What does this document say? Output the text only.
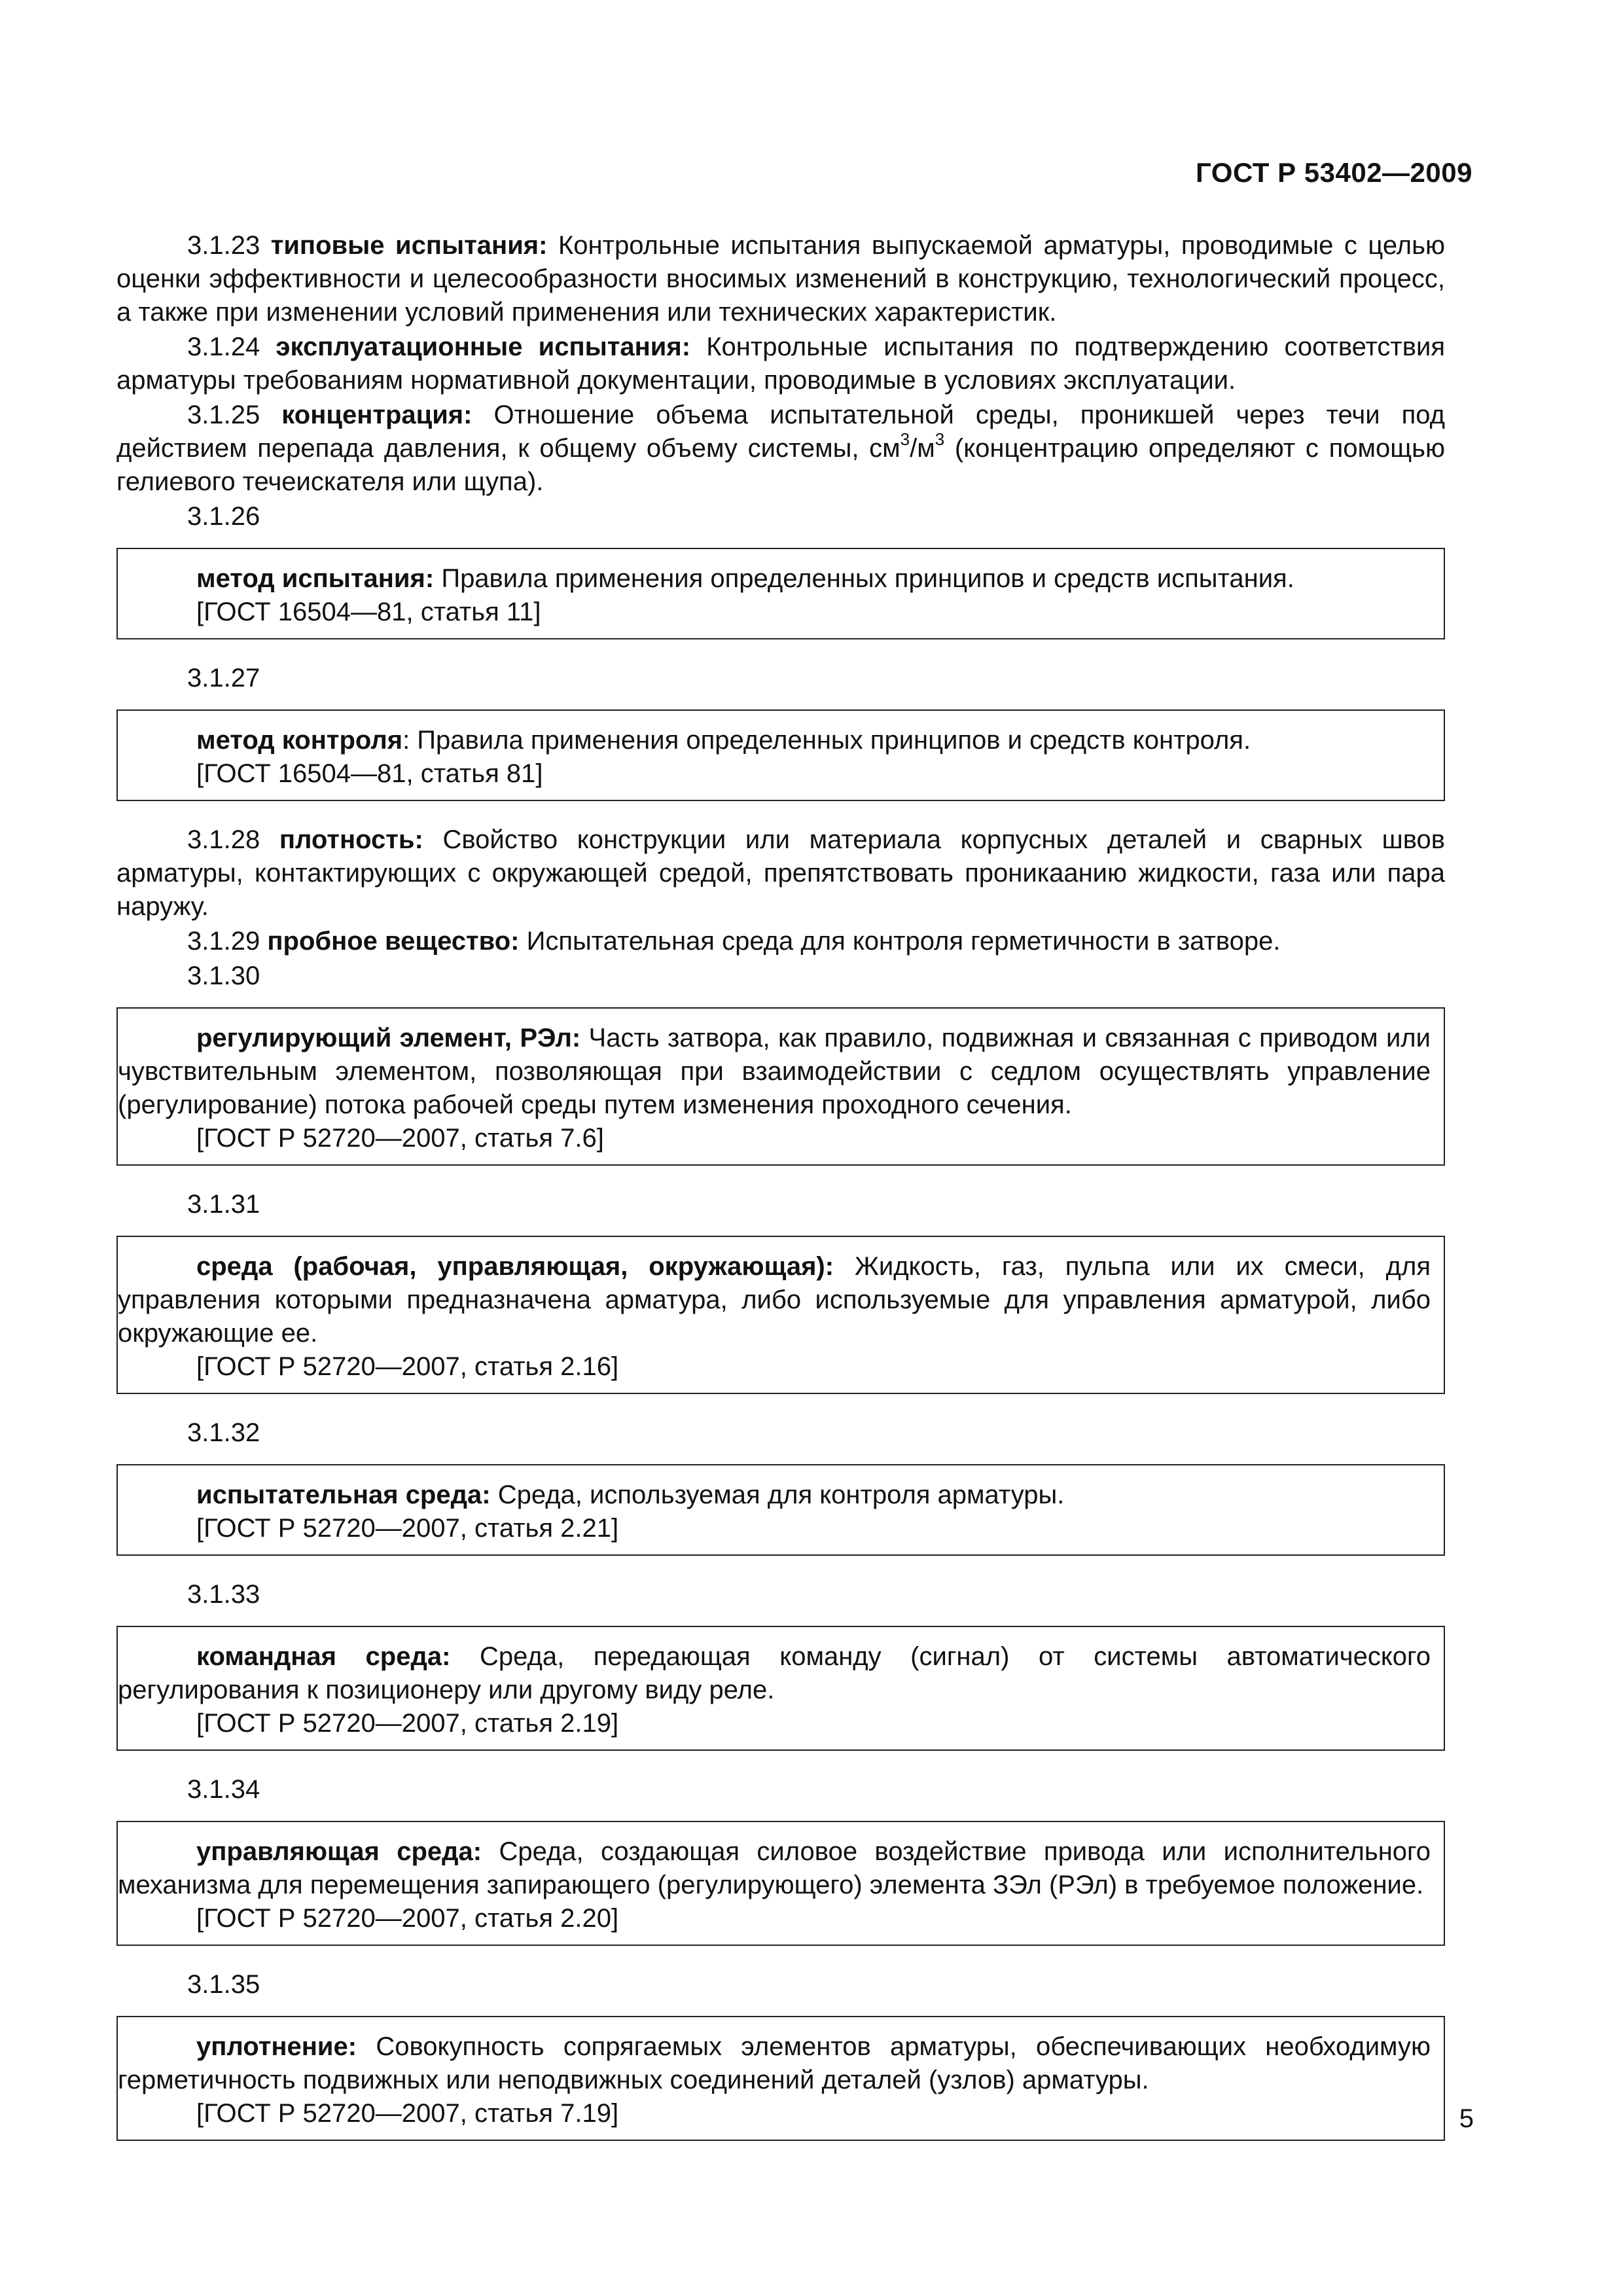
ГОСТ Р 53402—2009

3.1.23 типовые испытания: Контрольные испытания выпускаемой арматуры, проводимые с целью оценки эффективности и целесообразности вносимых изменений в конструкцию, технологический процесс, а также при изменении условий применения или технических характеристик.

3.1.24 эксплуатационные испытания: Контрольные испытания по подтверждению соответствия арматуры требованиям нормативной документации, проводимые в условиях эксплуатации.

3.1.25 концентрация: Отношение объема испытательной среды, проникшей через течи под действием перепада давления, к общему объему системы, $см^3/м^3$ (концентрацию определяют с помощью гелиевого течеискателя или щупа).

3.1.26

метод испытания: Правила применения определенных принципов и средств испытания.

[ГОСТ 16504—81, статья 11]

3.1.27

метод контроля: Правила применения определенных принципов и средств контроля.

[ГОСТ 16504—81, статья 81]

3.1.28 плотность: Свойство конструкции или материала корпусных деталей и сварных швов арматуры, контактирующих с окружающей средой, препятствовать проникаанию жидкости, газа или пара наружу.

3.1.29 пробное вещество: Испытательная среда для контроля герметичности в затворе.

3.1.30

регулирующий элемент, РЭл: Часть затвора, как правило, подвижная и связанная с приводом или чувствительным элементом, позволяющая при взаимодействии с седлом осуществлять управление (регулирование) потока рабочей среды путем изменения проходного сечения.

[ГОСТ Р 52720—2007, статья 7.6]

3.1.31

среда (рабочая, управляющая, окружающая): Жидкость, газ, пульпа или их смеси, для управления которыми предназначена арматура, либо используемые для управления арматурой, либо окружающие ее.

[ГОСТ Р 52720—2007, статья 2.16]

3.1.32

испытательная среда: Среда, используемая для контроля арматуры.

[ГОСТ Р 52720—2007, статья 2.21]

3.1.33

командная среда: Среда, передающая команду (сигнал) от системы автоматического регулирования к позиционеру или другому виду реле.

[ГОСТ Р 52720—2007, статья 2.19]

3.1.34

управляющая среда: Среда, создающая силовое воздействие привода или исполнительного механизма для перемещения запирающего (регулирующего) элемента ЗЭл (РЭл) в требуемое положение.

[ГОСТ Р 52720—2007, статья 2.20]

3.1.35

уплотнение: Совокупность сопрягаемых элементов арматуры, обеспечивающих необходимую герметичность подвижных или неподвижных соединений деталей (узлов) арматуры.

[ГОСТ Р 52720—2007, статья 7.19]	5
